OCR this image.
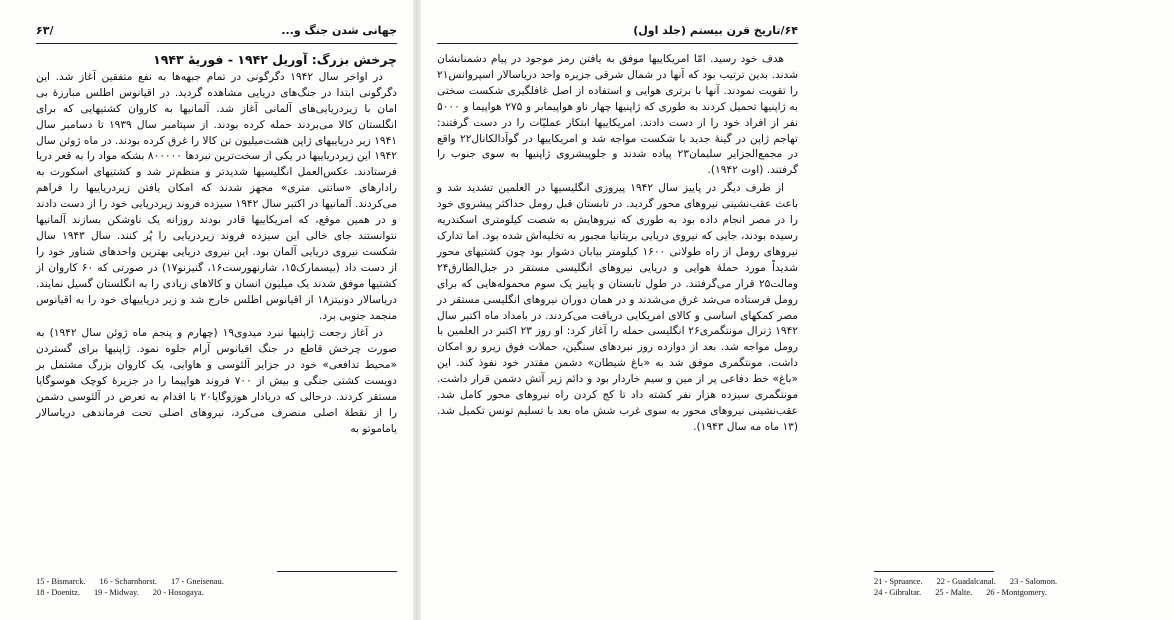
جهانی شدن جنگ و...
/۶۳
چرخش بزرگ: آوریل ۱۹۴۲ - فوریهٔ ۱۹۴۳

در اواخر سال ۱۹۴۲ دگرگونی در تمام جبهه‌ها به نفع متفقین آغاز شد. این دگرگونی ابتدا در جنگ‌های دریایی مشاهده گردید. در اقیانوس اطلس مبارزهٔ بی امان با زیردریایی‌های آلمانی آغاز شد. آلمانیها به کاروان کشتیهایی که برای انگلستان کالا می‌بردند حمله کرده بودند. از سپتامبر سال ۱۹۳۹ تا دسامبر سال ۱۹۴۱ زیر دریاییهای ژاپن هشت‌میلیون تن کالا را غرق کرده بودند. در ماه ژوئن سال ۱۹۴۲ این زیردریاییها در یکی از سخت‌ترین نبردها ۸۰۰۰۰۰ بشکه مواد را به قعر دریا فرستادند. عکس‌العمل انگلیسیها شدیدتر و منظم‌تر شد و کشتیهای اسکورت به رادارهای «سانتی متری» مجهز شدند که امکان یافتن زیردریاییها را فراهم می‌کردند. آلمانیها در اکتبر سال ۱۹۴۲ سیزده فروند زیردریایی خود را از دست دادند و در همین موقع، که امریکاییها قادر بودند روزانه یک ناوشکن بسازند آلمانیها نتوانستند جای خالی این سیزده فروند زیردریایی را پُر کنند. سال ۱۹۴۳ سال شکست نیروی دریایی آلمان بود. این نیروی دریایی بهترین واحدهای شناور خود را از دست داد (بیسمارک۱۵، شارنهورست۱۶، گنیزنو۱۷) در صورتی که ۶۰ کاروان از کشتیها موفق شدند یک میلیون انسان و کالاهای زیادی را به انگلستان گسیل نمایند. دریاسالار دونیتز۱۸ از اقیانوس اطلس خارج شد و زیر دریاییهای خود را به اقیانوس منجمد جنوبی برد.

در آغاز رجعت ژاپنیها نبرد میدوی۱۹ (چهارم و پنجم ماه ژوئن سال ۱۹۴۲) به صورت چرخش قاطع در جنگ اقیانوس آرام جلوه نمود. ژاپنیها برای گستردن «محیط تدافعی» خود در جزایر آلئوسی و هاوایی، یک کاروان بزرگ مشتمل بر دویست کشتی جنگی و بیش از ۷۰۰ فروند هواپیما را در جزیرهٔ کوچک هوسوگایا مستقر کردند. درحالی که دریادار هوزوگایا۲۰ با اقدام به تعرض در آلئوسی دشمن را از نقطهٔ اصلی منصرف می‌کرد، نیروهای اصلی تحت فرماندهی دریاسالار یاماموتو به

15 - Bismarck. 16 - Scharnhorst. 17 - Gneisenau.
18 - Doenitz. 19 - Midway. 20 - Hosogaya.
۶۴/تاریخ قرن بیستم (جلد اول)

هدف خود رسید. امّا امریکاییها موفق به یافتن رمز موجود در پیام دشمنانشان شدند. بدین ترتیب بود که آنها در شمال شرقی جزیره واحد دریاسالار اسپروانس۲۱ را تقویت نمودند. آنها با برتری هوایی و استفاده از اصل غافلگیری شکست سختی به ژاپنیها تحمیل کردند به طوری که ژاپنیها چهار ناو هواپیمابر و ۲۷۵ هواپیما و ۵۰۰۰ نفر از افراد خود را از دست دادند. امریکاییها ابتکار عملیّات را در دست گرفتند: تهاجم ژاپن در گینهٔ جدید با شکست مواجه شد و امریکاییها در گوآدالکانال۲۲ واقع در مجمع‌الجزایر سلیمان۲۳ پیاده شدند و جلوپیشروی ژاپنیها به سوی جنوب را گرفتند. (اوت ۱۹۴۲).

از طرف دیگر در پاییز سال ۱۹۴۲ پیروزی انگلیسیها در العلمین تشدید شد و باعث عقب‌نشینی نیروهای محور گردید. در تابستان قبل رومل حداکثر پیشروی خود را در مصر انجام داده بود به طوری که نیروهایش به شصت کیلومتری اسکندریه رسیده بودند، جایی که نیروی دریایی بریتانیا مجبور به تخلیه‌اش شده بود. اما تدارک نیروهای رومل از راه طولانی ۱۶۰۰ کیلومتر بیابان دشوار بود چون کشتیهای محور شدیداً مورد حملهٔ هوایی و دریایی نیروهای انگلیسی مستقر در جبل‌الطارق۲۴ ومالت۲۵ قرار می‌گرفتند. در طول تابستان و پاییز یک سوم محموله‌هایی که برای رومل فرستاده می‌شد غرق می‌شدند و در همان دوران نیروهای انگلیسی مستقر در مصر کمکهای اساسی و کالای امریکایی دریافت می‌کردند. در بامداد ماه اکتبر سال ۱۹۴۲ ژنرال مونتگمری۲۶ انگلیسی حمله را آغاز کرد: او روز ۲۳ اکتبر در العلمین با رومل مواجه شد. بعد از دوازده روز نبردهای سنگین، حملات فوق زیرو رو امکان داشت. مونتگمری موفق شد به «باغ شیطان» دشمن مقتدر خود نفوذ کند. این «باغ» خط دفاعی پر از مین و سیم خاردار بود و دائم زیر آتش دشمن قرار داشت. مونتگمری سیزده هزار نفر کشته داد تا کج کردن راه نیروهای محور کامل شد. عقب‌نشینی نیروهای محور به سوی غرب شش ماه بعد با تسلیم تونس تکمیل شد. (۱۳ ماه مه سال ۱۹۴۳).

21 - Spruance. 22 - Guadalcanal. 23 - Salomon.
24 - Gibraltar. 25 - Malte. 26 - Montgomery.
